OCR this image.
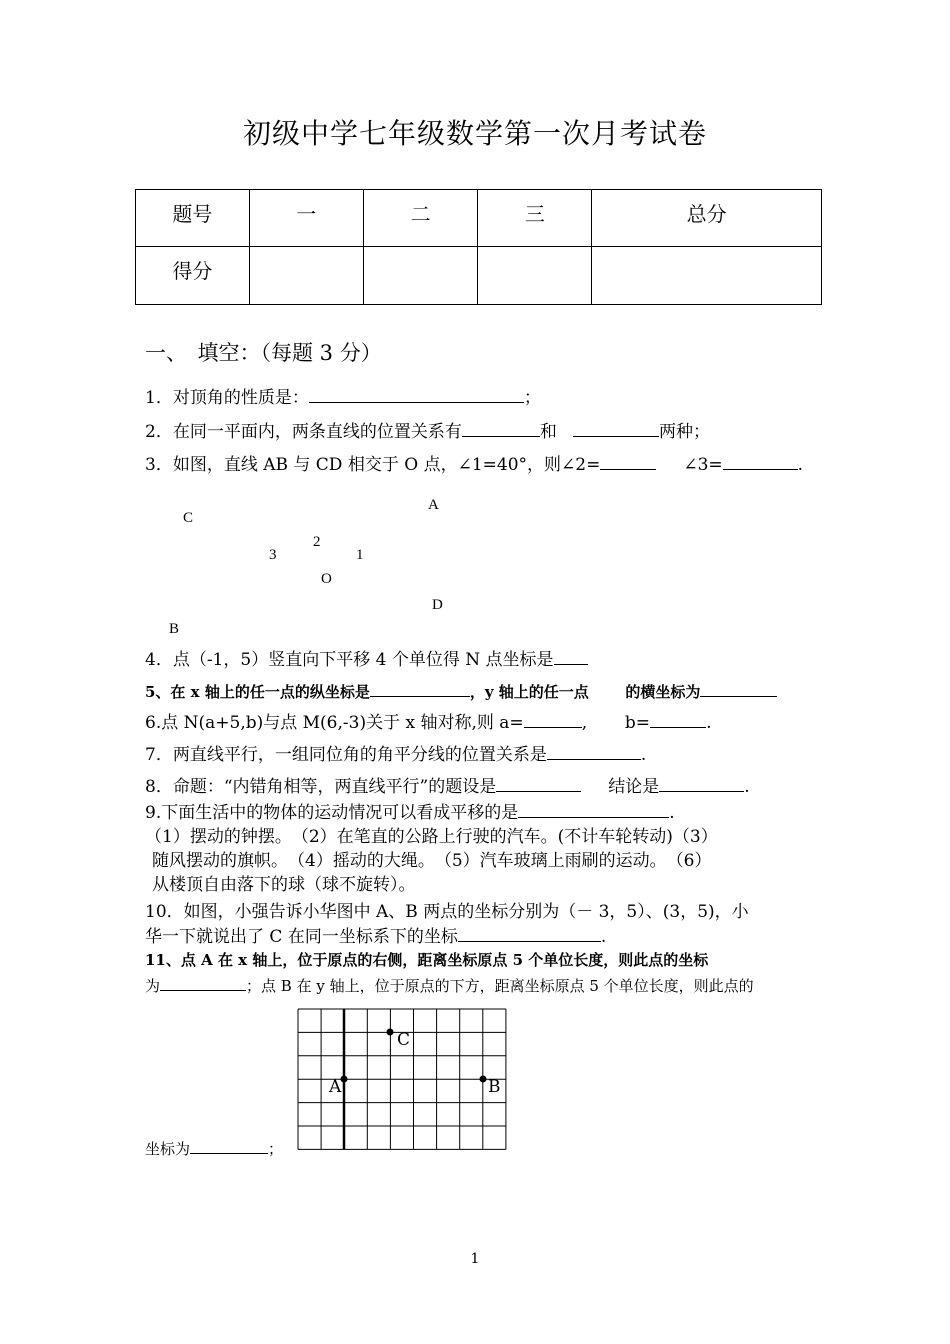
初级中学七年级数学第一次月考试卷
题号	一	二	三	总分
得分				
一、　填空：（每题 3 分）
1．对顶角的性质是：	；
2．在同一平面内，两条直线的位置关系有	和	两种；
3．如图，直线 AB 与 CD 相交于 O 点，∠1=40°，则∠2=	∠3=	.
A
C
2
3	1
O
D
B
4．点（-1，5）竖直向下平移 4 个单位得 N 点坐标是
5、在 x 轴上的任一点的纵坐标是	，y 轴上的任一点 的横坐标为
6.点 N(a+5,b)与点 M(6,-3)关于 x 轴对称,则 a=	, b=	.
7．两直线平行，一组同位角的角平分线的位置关系是	.
8．命题：“内错角相等，两直线平行”的题设是	结论是	.
9.下面生活中的物体的运动情况可以看成平移的是	.
（1）摆动的钟摆。　（2）在笔直的公路上行驶的汽车。(不计车轮转动)（3）
随风摆动的旗帜。　（4）摇动的大绳。　（5）汽车玻璃上雨刷的运动。　（6）
从楼顶自由落下的球（球不旋转）。
10．如图，小强告诉小华图中 A、B 两点的坐标分别为（－ 3，5）、(3，5)，小
华一下就说出了 C 在同一坐标系下的坐标	.
11、点 A 在 x 轴上，位于原点的右侧，距离坐标原点 5 个单位长度，则此点的坐标
为	；点 B 在 y 轴上，位于原点的下方，距离坐标原点 5 个单位长度，则此点的
A	B
C
坐标为	；
1
